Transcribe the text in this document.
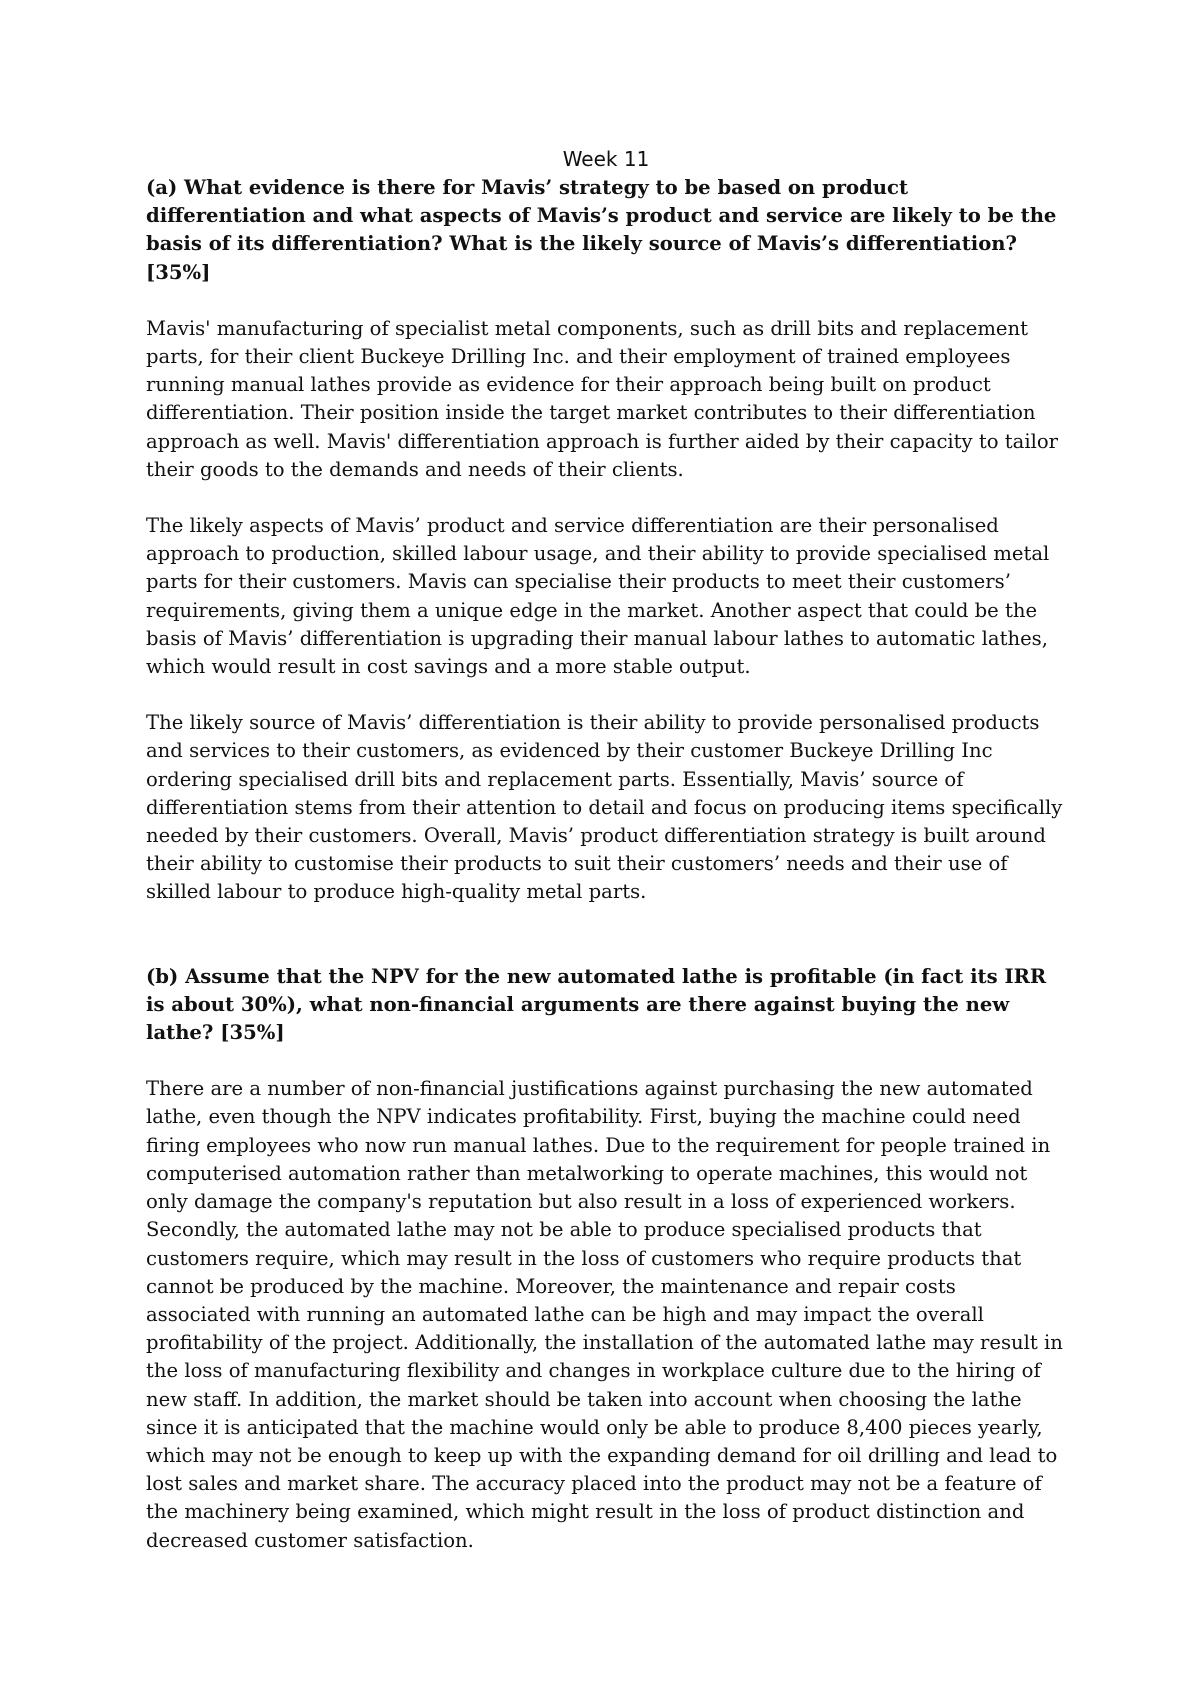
Week 11

(a) What evidence is there for Mavis’ strategy to be based on product differentiation and what aspects of Mavis’s product and service are likely to be the basis of its differentiation? What is the likely source of Mavis’s differentiation? [35%]

Mavis' manufacturing of specialist metal components, such as drill bits and replacement parts, for their client Buckeye Drilling Inc. and their employment of trained employees running manual lathes provide as evidence for their approach being built on product differentiation. Their position inside the target market contributes to their differentiation approach as well. Mavis' differentiation approach is further aided by their capacity to tailor their goods to the demands and needs of their clients.

The likely aspects of Mavis’ product and service differentiation are their personalised approach to production, skilled labour usage, and their ability to provide specialised metal parts for their customers. Mavis can specialise their products to meet their customers’ requirements, giving them a unique edge in the market. Another aspect that could be the basis of Mavis’ differentiation is upgrading their manual labour lathes to automatic lathes, which would result in cost savings and a more stable output.

The likely source of Mavis’ differentiation is their ability to provide personalised products and services to their customers, as evidenced by their customer Buckeye Drilling Inc ordering specialised drill bits and replacement parts. Essentially, Mavis’ source of differentiation stems from their attention to detail and focus on producing items specifically needed by their customers. Overall, Mavis’ product differentiation strategy is built around their ability to customise their products to suit their customers’ needs and their use of skilled labour to produce high-quality metal parts.

(b) Assume that the NPV for the new automated lathe is profitable (in fact its IRR is about 30%), what non-financial arguments are there against buying the new lathe? [35%]

There are a number of non-financial justifications against purchasing the new automated lathe, even though the NPV indicates profitability. First, buying the machine could need firing employees who now run manual lathes. Due to the requirement for people trained in computerised automation rather than metalworking to operate machines, this would not only damage the company's reputation but also result in a loss of experienced workers. Secondly, the automated lathe may not be able to produce specialised products that customers require, which may result in the loss of customers who require products that cannot be produced by the machine. Moreover, the maintenance and repair costs associated with running an automated lathe can be high and may impact the overall profitability of the project. Additionally, the installation of the automated lathe may result in the loss of manufacturing flexibility and changes in workplace culture due to the hiring of new staff. In addition, the market should be taken into account when choosing the lathe since it is anticipated that the machine would only be able to produce 8,400 pieces yearly, which may not be enough to keep up with the expanding demand for oil drilling and lead to lost sales and market share. The accuracy placed into the product may not be a feature of the machinery being examined, which might result in the loss of product distinction and decreased customer satisfaction.
